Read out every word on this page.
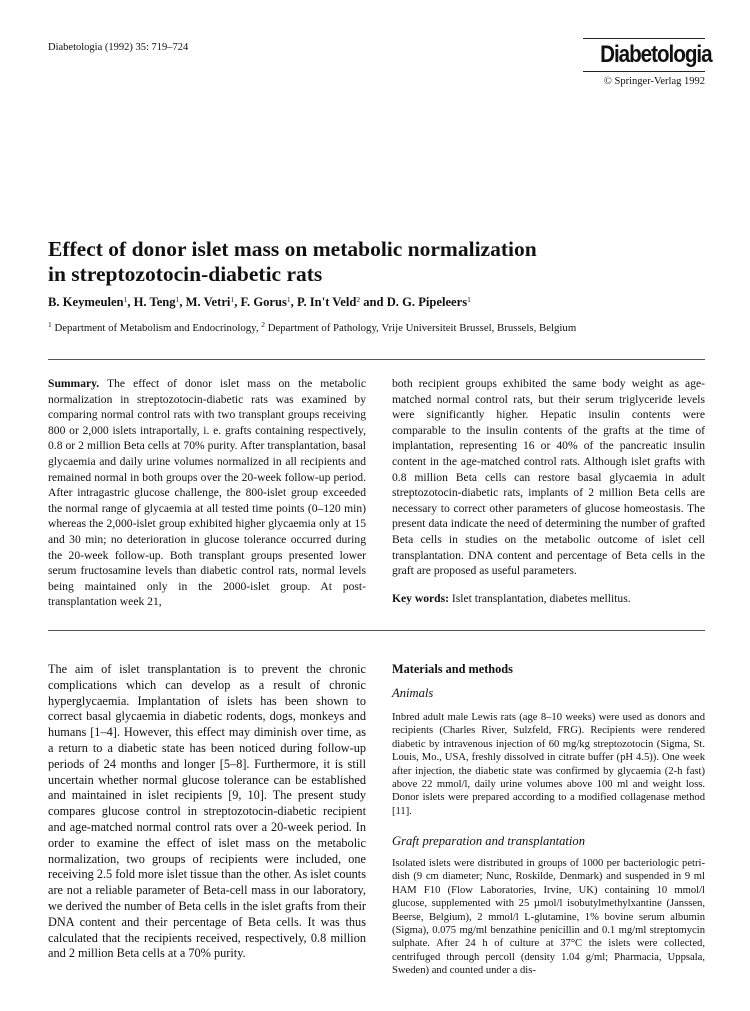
Diabetologia (1992) 35: 719–724	Diabetologia
© Springer-Verlag 1992
Effect of donor islet mass on metabolic normalization
in streptozotocin-diabetic rats
B. Keymeulen$^1$, H. Teng$^1$, M. Vetri$^1$, F. Gorus$^1$, P. In't Veld$^2$ and D. G. Pipeleers$^1$
$^1$ Department of Metabolism and Endocrinology, $^2$ Department of Pathology, Vrije Universiteit Brussel, Brussels, Belgium

Summary. The effect of donor islet mass on the metabolic normalization in streptozotocin-diabetic rats was examined by comparing normal control rats with two transplant groups receiving 800 or 2,000 islets intraportally, i. e. grafts containing respectively, 0.8 or 2 million Beta cells at 70% purity. After transplantation, basal glycaemia and daily urine volumes normalized in all recipients and remained normal in both groups over the 20-week follow-up period. After intragastric glucose challenge, the 800-islet group exceeded the normal range of glycaemia at all tested time points (0–120 min) whereas the 2,000-islet group exhibited higher glycaemia only at 15 and 30 min; no deterioration in glucose tolerance occurred during the 20-week follow-up. Both transplant groups presented lower serum fructosamine levels than diabetic control rats, normal levels being maintained only in the 2000-islet group. At post-transplantation week 21,

both recipient groups exhibited the same body weight as age-matched normal control rats, but their serum triglyceride levels were significantly higher. Hepatic insulin contents were comparable to the insulin contents of the grafts at the time of implantation, representing 16 or 40% of the pancreatic insulin content in the age-matched control rats. Although islet grafts with 0.8 million Beta cells can restore basal glycaemia in adult streptozotocin-diabetic rats, implants of 2 million Beta cells are necessary to correct other parameters of glucose homeostasis. The present data indicate the need of determining the number of grafted Beta cells in studies on the metabolic outcome of islet cell transplantation. DNA content and percentage of Beta cells in the graft are proposed as useful parameters.

Key words: Islet transplantation, diabetes mellitus.

The aim of islet transplantation is to prevent the chronic complications which can develop as a result of chronic hyperglycaemia. Implantation of islets has been shown to correct basal glycaemia in diabetic rodents, dogs, monkeys and humans [1–4]. However, this effect may diminish over time, as a return to a diabetic state has been noticed during follow-up periods of 24 months and longer [5–8]. Furthermore, it is still uncertain whether normal glucose tolerance can be established and maintained in islet recipients [9, 10]. The present study compares glucose control in streptozotocin-diabetic recipient and age-matched normal control rats over a 20-week period. In order to examine the effect of islet mass on the metabolic normalization, two groups of recipients were included, one receiving 2.5 fold more islet tissue than the other. As islet counts are not a reliable parameter of Beta-cell mass in our laboratory, we derived the number of Beta cells in the islet grafts from their DNA content and their percentage of Beta cells. It was thus calculated that the recipients received, respectively, 0.8 million and 2 million Beta cells at a 70% purity.

Materials and methods
Animals

Inbred adult male Lewis rats (age 8–10 weeks) were used as donors and recipients (Charles River, Sulzfeld, FRG). Recipients were rendered diabetic by intravenous injection of 60 mg/kg streptozotocin (Sigma, St. Louis, Mo., USA, freshly dissolved in citrate buffer (pH 4.5)). One week after injection, the diabetic state was confirmed by glycaemia (2-h fast) above 22 mmol/l, daily urine volumes above 100 ml and weight loss. Donor islets were prepared according to a modified collagenase method [11].

Graft preparation and transplantation

Isolated islets were distributed in groups of 1000 per bacteriologic petri-dish (9 cm diameter; Nunc, Roskilde, Denmark) and suspended in 9 ml HAM F10 (Flow Laboratories, Irvine, UK) containing 10 mmol/l glucose, supplemented with 25 µmol/l isobutylmethylxantine (Janssen, Beerse, Belgium), 2 mmol/l L-glutamine, 1% bovine serum albumin (Sigma), 0.075 mg/ml benzathine penicillin and 0.1 mg/ml streptomycin sulphate. After 24 h of culture at 37°C the islets were collected, centrifuged through percoll (density 1.04 g/ml; Pharmacia, Uppsala, Sweden) and counted under a dis-
